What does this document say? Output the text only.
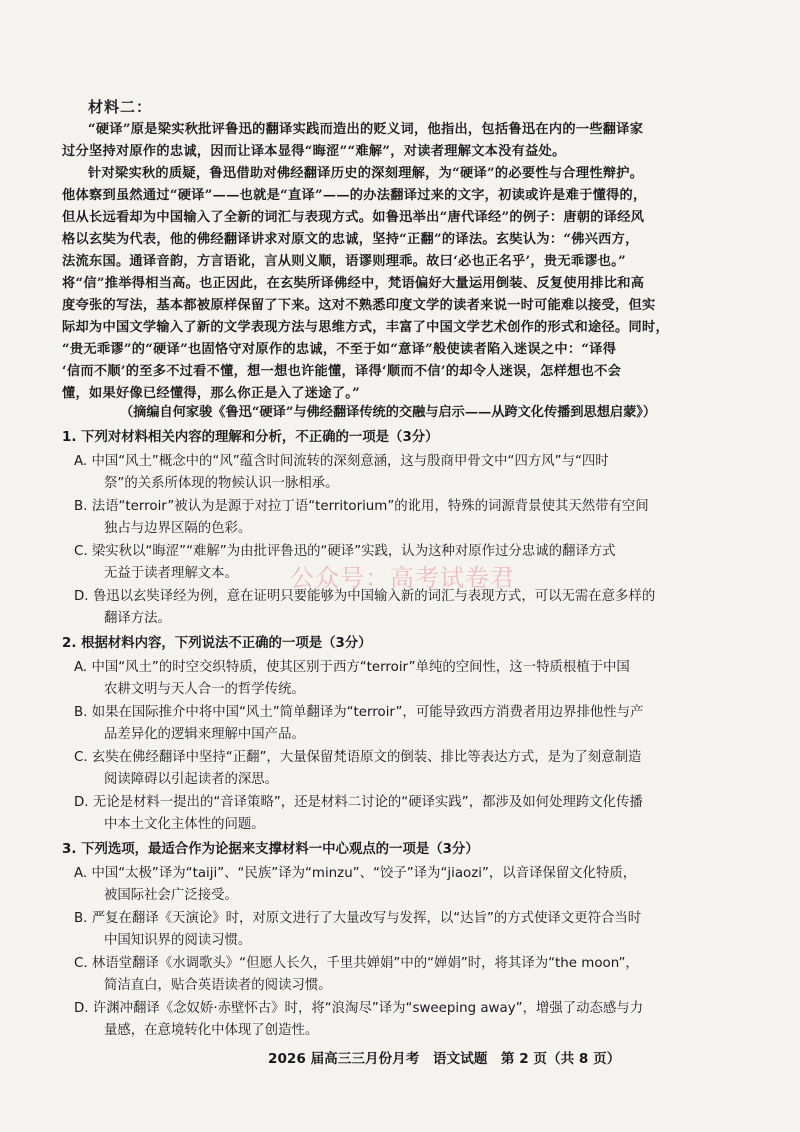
材料二：
“硬译”原是梁实秋批评鲁迅的翻译实践而造出的贬义词，他指出，包括鲁迅在内的一些翻译家
过分坚持对原作的忠诚，因而让译本显得“晦涩”“难解”，对读者理解文本没有益处。
针对梁实秋的质疑，鲁迅借助对佛经翻译历史的深刻理解，为“硬译”的必要性与合理性辩护。
他体察到虽然通过“硬译”——也就是“直译”——的办法翻译过来的文字，初读或许是难于懂得的，
但从长远看却为中国输入了全新的词汇与表现方式。如鲁迅举出“唐代译经”的例子：唐朝的译经风
格以玄奘为代表，他的佛经翻译讲求对原文的忠诚，坚持“正翻”的译法。玄奘认为：“佛兴西方，
法流东国。通译音韵，方言语讹，言从则义顺，语谬则理乖。故曰‘必也正名乎’，贵无乖谬也。”
将“信”推举得相当高。也正因此，在玄奘所译佛经中，梵语偏好大量运用倒装、反复使用排比和高
度夸张的写法，基本都被原样保留了下来。这对不熟悉印度文学的读者来说一时可能难以接受，但实
际却为中国文学输入了新的文学表现方法与思维方式，丰富了中国文学艺术创作的形式和途径。同时，
“贵无乖谬”的“硬译”也固恪守对原作的忠诚，不至于如“意译”般使读者陷入迷误之中：“译得
‘信而不顺’的至多不过看不懂，想一想也许能懂，译得‘顺而不信’的却令人迷误，怎样想也不会
懂，如果好像已经懂得，那么你正是入了迷途了。”
（摘编自何家骏《鲁迅“硬译”与佛经翻译传统的交融与启示——从跨文化传播到思想启蒙》）
1. 下列对材料相关内容的理解和分析，不正确的一项是（3分）
A. 中国“风土”概念中的“风”蕴含时间流转的深刻意涵，这与殷商甲骨文中“四方风”与“四时
祭”的关系所体现的物候认识一脉相承。
B. 法语“terroir”被认为是源于对拉丁语“territorium”的讹用，特殊的词源背景使其天然带有空间
独占与边界区隔的色彩。
C. 梁实秋以“晦涩”“难解”为由批评鲁迅的“硬译”实践，认为这种对原作过分忠诚的翻译方式
无益于读者理解文本。
D. 鲁迅以玄奘译经为例，意在证明只要能够为中国输入新的词汇与表现方式，可以无需在意多样的
翻译方法。
2. 根据材料内容，下列说法不正确的一项是（3分）
A. 中国“风土”的时空交织特质，使其区别于西方“terroir”单纯的空间性，这一特质根植于中国
农耕文明与天人合一的哲学传统。
B. 如果在国际推介中将中国“风土”简单翻译为“terroir”，可能导致西方消费者用边界排他性与产
品差异化的逻辑来理解中国产品。
C. 玄奘在佛经翻译中坚持“正翻”，大量保留梵语原文的倒装、排比等表达方式，是为了刻意制造
阅读障碍以引起读者的深思。
D. 无论是材料一提出的“音译策略”，还是材料二讨论的“硬译实践”，都涉及如何处理跨文化传播
中本土文化主体性的问题。
3. 下列选项，最适合作为论据来支撑材料一中心观点的一项是（3分）
A. 中国“太极”译为“taiji”、“民族”译为“minzu”、“饺子”译为“jiaozi”，以音译保留文化特质，
被国际社会广泛接受。
B. 严复在翻译《天演论》时，对原文进行了大量改写与发挥，以“达旨”的方式使译文更符合当时
中国知识界的阅读习惯。
C. 林语堂翻译《水调歌头》“但愿人长久，千里共婵娟”中的“婵娟”时，将其译为“the moon”，
简洁直白，贴合英语读者的阅读习惯。
D. 许渊冲翻译《念奴娇·赤壁怀古》时，将“浪淘尽”译为“sweeping away”，增强了动态感与力
量感，在意境转化中体现了创造性。
公众号：高考试卷君
2026 届高三三月份月考　语文试题　第 2 页（共 8 页）
